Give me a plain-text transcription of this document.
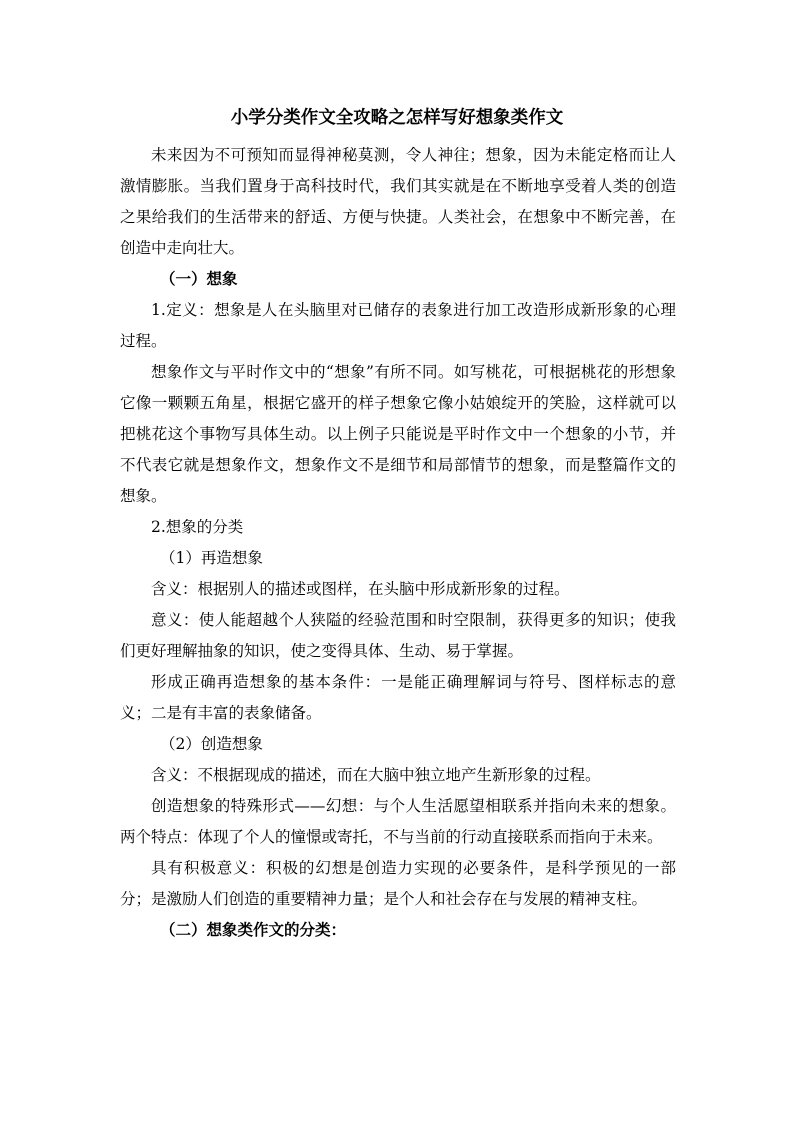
小学分类作文全攻略之怎样写好想象类作文

未来因为不可预知而显得神秘莫测，令人神往；想象，因为未能定格而让人激情膨胀。当我们置身于高科技时代，我们其实就是在不断地享受着人类的创造之果给我们的生活带来的舒适、方便与快捷。人类社会，在想象中不断完善，在创造中走向壮大。

（一）想象

1.定义：想象是人在头脑里对已储存的表象进行加工改造形成新形象的心理过程。

想象作文与平时作文中的“想象”有所不同。如写桃花，可根据桃花的形想象它像一颗颗五角星，根据它盛开的样子想象它像小姑娘绽开的笑脸，这样就可以把桃花这个事物写具体生动。以上例子只能说是平时作文中一个想象的小节，并不代表它就是想象作文，想象作文不是细节和局部情节的想象，而是整篇作文的想象。

2.想象的分类

（1）再造想象

含义：根据别人的描述或图样，在头脑中形成新形象的过程。

意义：使人能超越个人狭隘的经验范围和时空限制，获得更多的知识；使我们更好理解抽象的知识，使之变得具体、生动、易于掌握。

形成正确再造想象的基本条件：一是能正确理解词与符号、图样标志的意义；二是有丰富的表象储备。

（2）创造想象

含义：不根据现成的描述，而在大脑中独立地产生新形象的过程。

创造想象的特殊形式——幻想：与个人生活愿望相联系并指向未来的想象。两个特点：体现了个人的憧憬或寄托，不与当前的行动直接联系而指向于未来。

具有积极意义：积极的幻想是创造力实现的必要条件，是科学预见的一部分；是激励人们创造的重要精神力量；是个人和社会存在与发展的精神支柱。

（二）想象类作文的分类：
